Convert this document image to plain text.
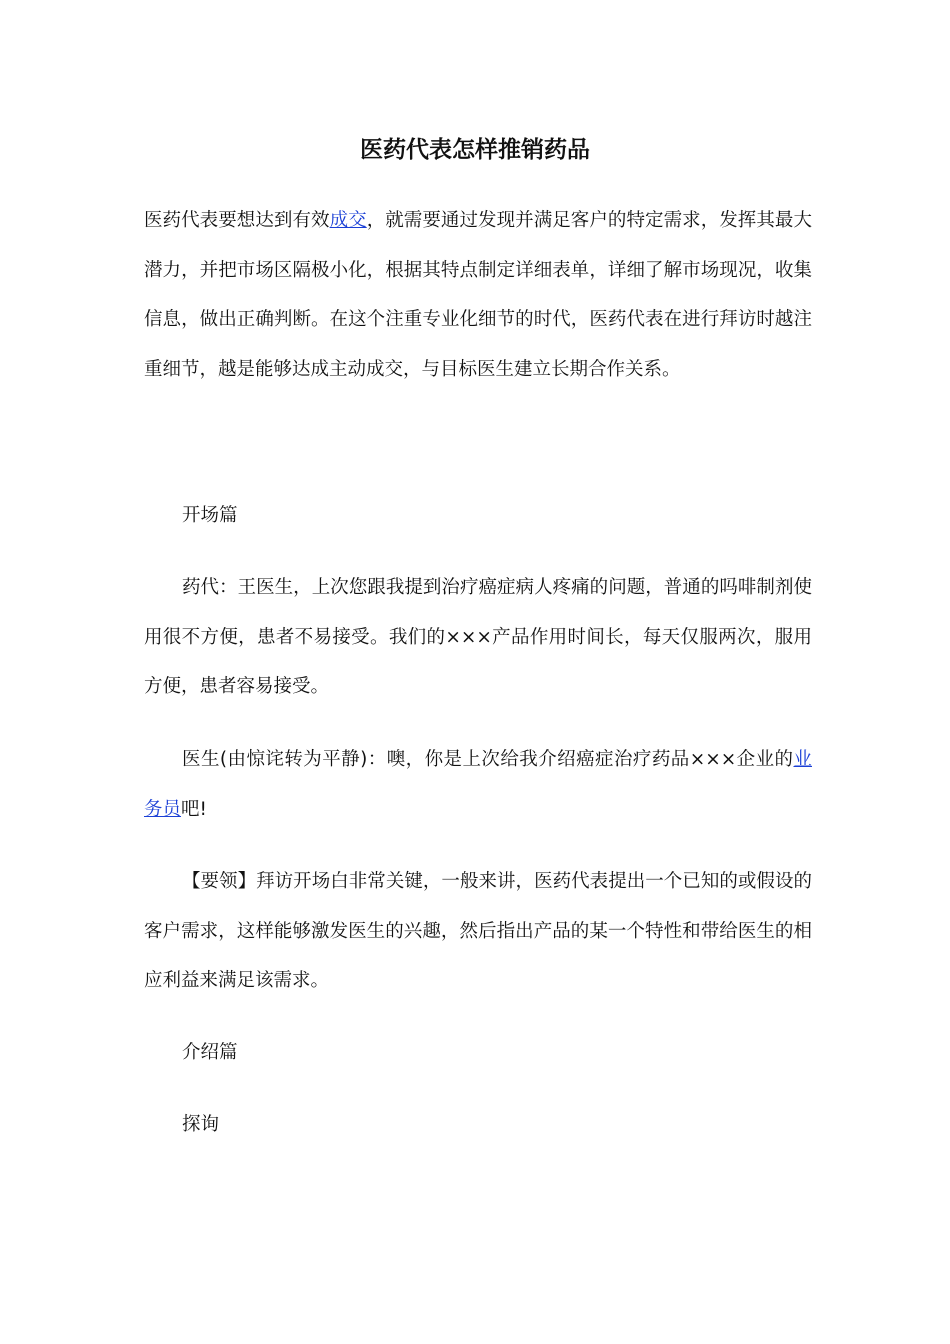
医药代表怎样推销药品

医药代表要想达到有效成交，就需要通过发现并满足客户的特定需求，发挥其最大潜力，并把市场区隔极小化，根据其特点制定详细表单，详细了解市场现况，收集信息，做出正确判断。在这个注重专业化细节的时代，医药代表在进行拜访时越注重细节，越是能够达成主动成交，与目标医生建立长期合作关系。

开场篇

药代：王医生，上次您跟我提到治疗癌症病人疼痛的问题，普通的吗啡制剂使用很不方便，患者不易接受。我们的×××产品作用时间长，每天仅服两次，服用方便，患者容易接受。

医生(由惊诧转为平静)：噢，你是上次给我介绍癌症治疗药品×××企业的业务员吧!

【要领】拜访开场白非常关键，一般来讲，医药代表提出一个已知的或假设的客户需求，这样能够激发医生的兴趣，然后指出产品的某一个特性和带给医生的相应利益来满足该需求。

介绍篇

探询
